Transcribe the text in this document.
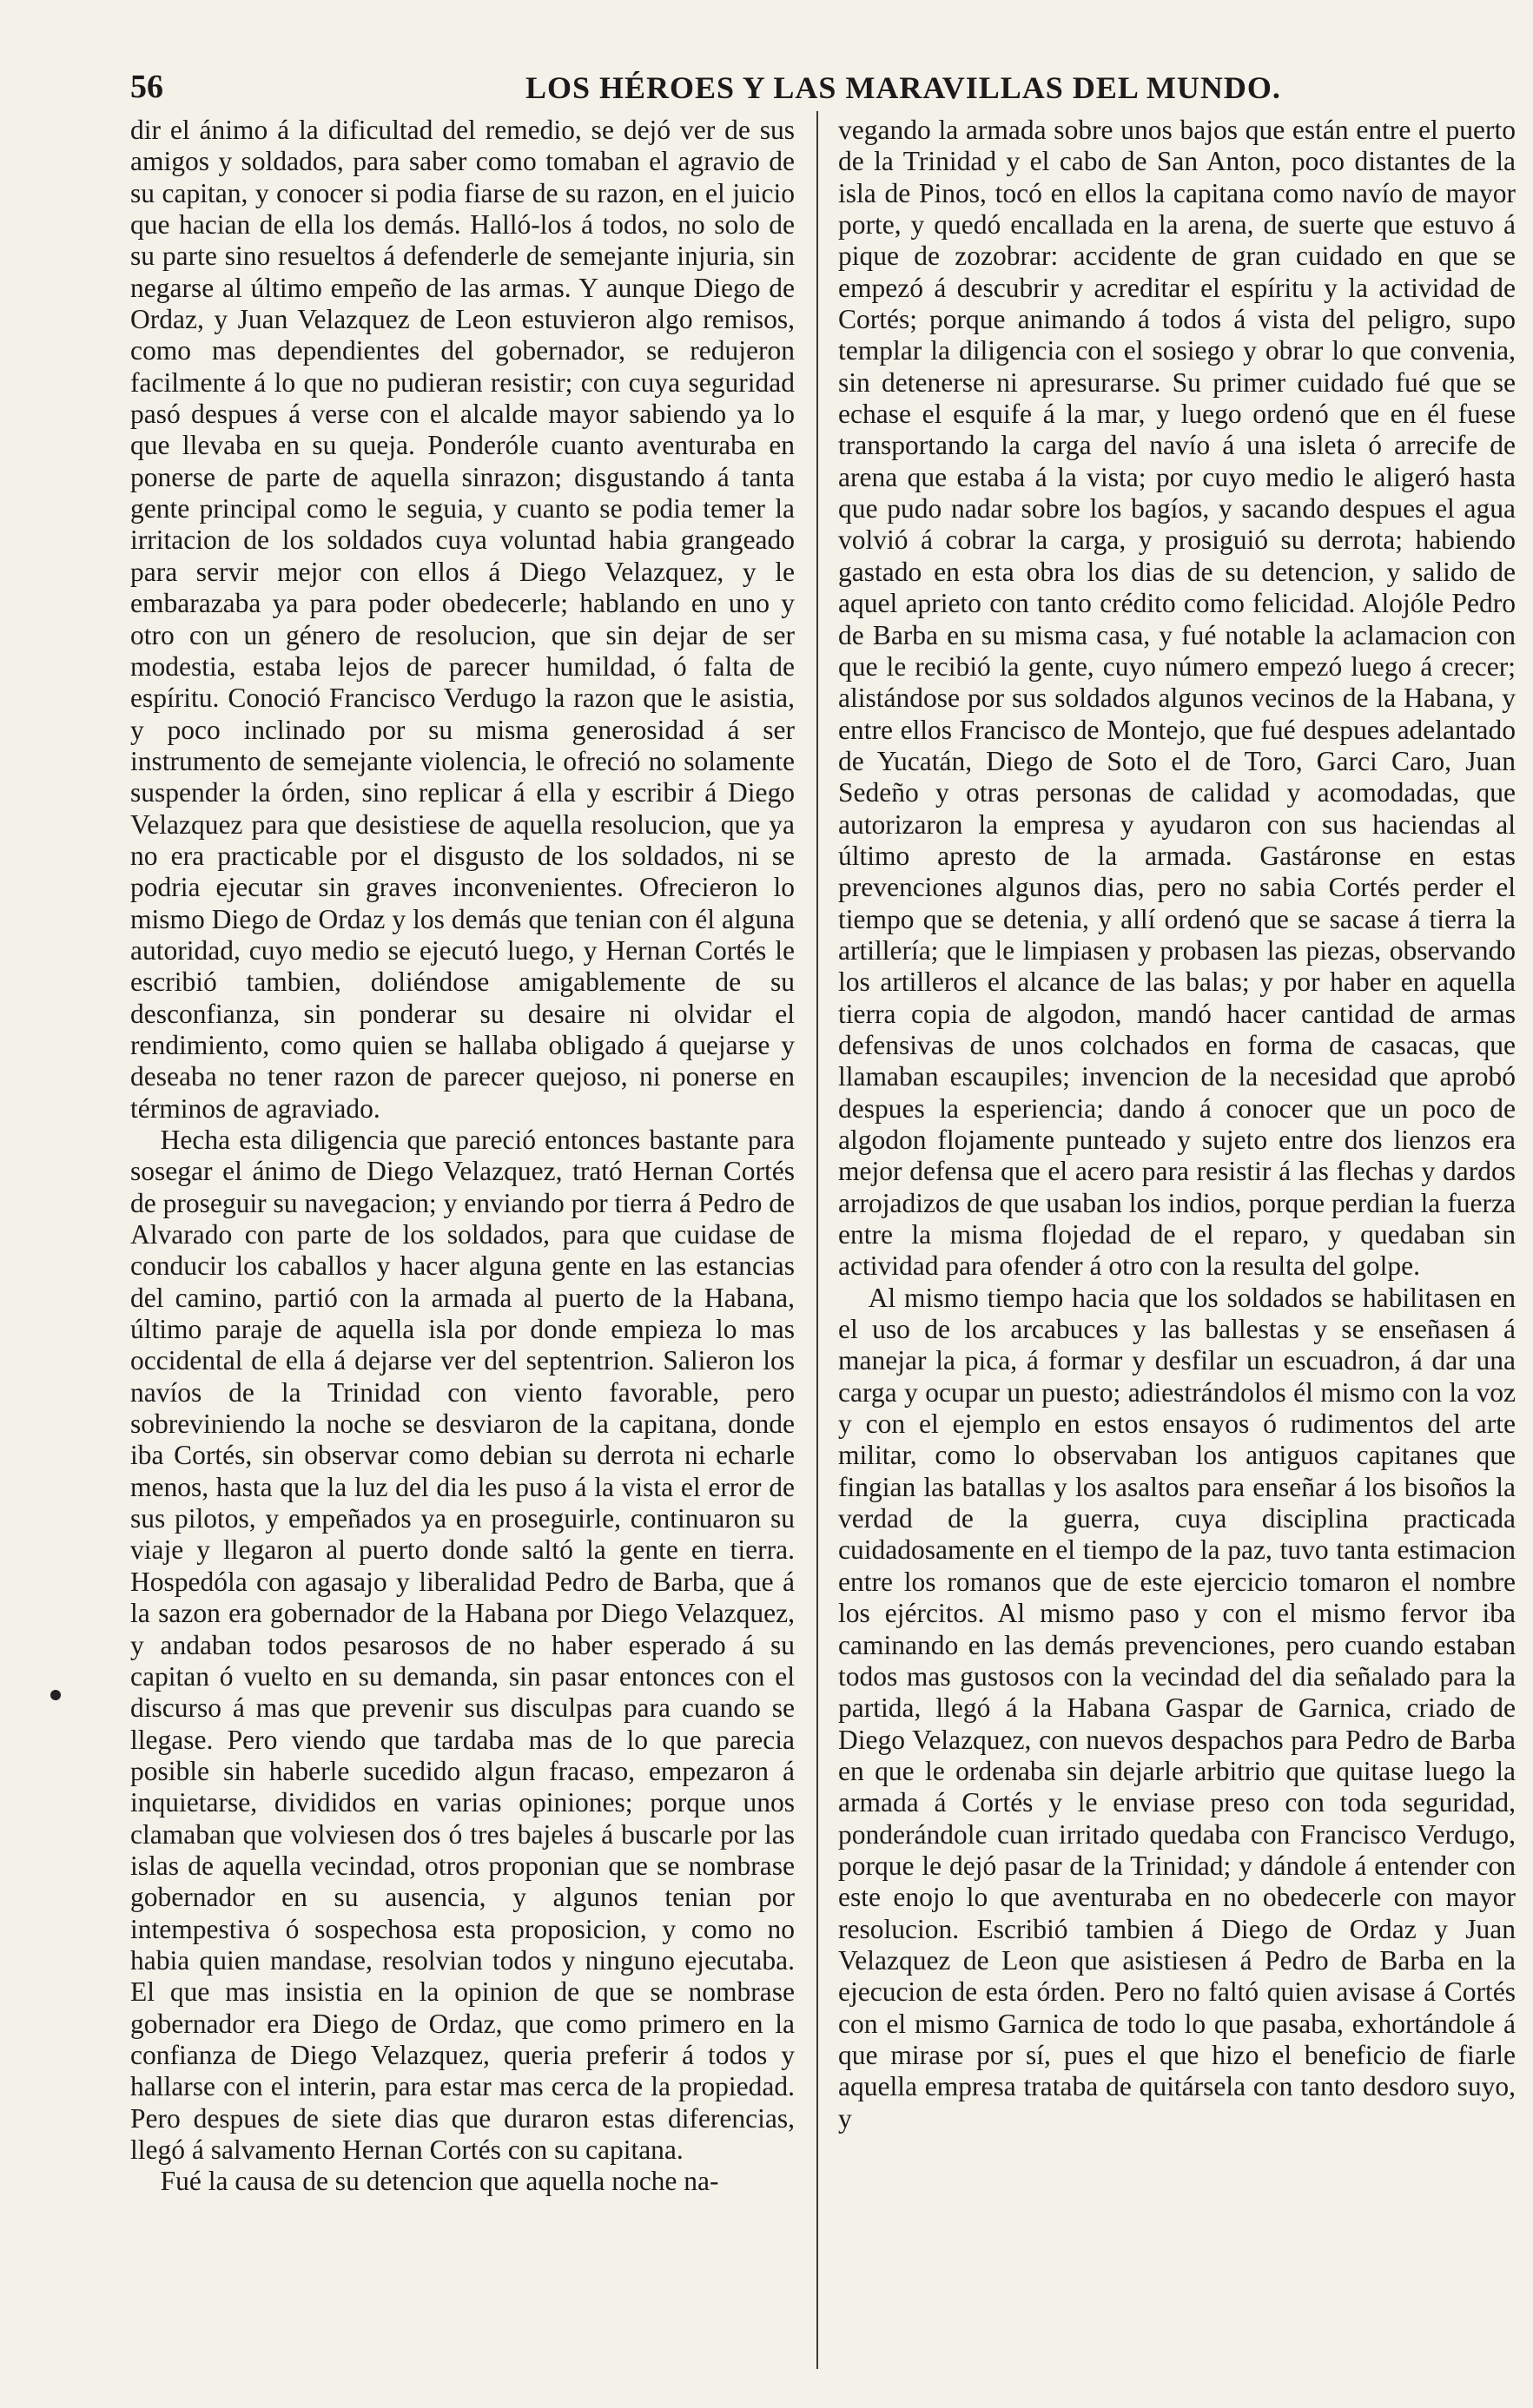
56	LOS HÉROES Y LAS MARAVILLAS DEL MUNDO.

dir el ánimo á la dificultad del remedio, se dejó ver de sus amigos y soldados, para saber como tomaban el agravio de su capitan, y conocer si podia fiarse de su razon, en el juicio que hacian de ella los demás. Halló-los á todos, no solo de su parte sino resueltos á defenderle de semejante injuria, sin negarse al último empeño de las armas. Y aunque Diego de Ordaz, y Juan Velazquez de Leon estuvieron algo remisos, como mas dependientes del gobernador, se redujeron facilmente á lo que no pudieran resistir; con cuya seguridad pasó despues á verse con el alcalde mayor sabiendo ya lo que llevaba en su queja. Ponderóle cuanto aventuraba en ponerse de parte de aquella sinrazon; disgustando á tanta gente principal como le seguia, y cuanto se podia temer la irritacion de los soldados cuya voluntad habia grangeado para servir mejor con ellos á Diego Velazquez, y le embarazaba ya para poder obedecerle; hablando en uno y otro con un género de resolucion, que sin dejar de ser modestia, estaba lejos de parecer humildad, ó falta de espíritu. Conoció Francisco Verdugo la razon que le asistia, y poco inclinado por su misma generosidad á ser instrumento de semejante violencia, le ofreció no solamente suspender la órden, sino replicar á ella y escribir á Diego Velazquez para que desistiese de aquella resolucion, que ya no era practicable por el disgusto de los soldados, ni se podria ejecutar sin graves inconvenientes. Ofrecieron lo mismo Diego de Ordaz y los demás que tenian con él alguna autoridad, cuyo medio se ejecutó luego, y Hernan Cortés le escribió tambien, doliéndose amigablemente de su desconfianza, sin ponderar su desaire ni olvidar el rendimiento, como quien se hallaba obligado á quejarse y deseaba no tener razon de parecer quejoso, ni ponerse en términos de agraviado.

Hecha esta diligencia que pareció entonces bastante para sosegar el ánimo de Diego Velazquez, trató Hernan Cortés de proseguir su navegacion; y enviando por tierra á Pedro de Alvarado con parte de los soldados, para que cuidase de conducir los caballos y hacer alguna gente en las estancias del camino, partió con la armada al puerto de la Habana, último paraje de aquella isla por donde empieza lo mas occidental de ella á dejarse ver del septentrion. Salieron los navíos de la Trinidad con viento favorable, pero sobreviniendo la noche se desviaron de la capitana, donde iba Cortés, sin observar como debian su derrota ni echarle menos, hasta que la luz del dia les puso á la vista el error de sus pilotos, y empeñados ya en proseguirle, continuaron su viaje y llegaron al puerto donde saltó la gente en tierra. Hospedóla con agasajo y liberalidad Pedro de Barba, que á la sazon era gobernador de la Habana por Diego Velazquez, y andaban todos pesarosos de no haber esperado á su capitan ó vuelto en su demanda, sin pasar entonces con el discurso á mas que prevenir sus disculpas para cuando se llegase. Pero viendo que tardaba mas de lo que parecia posible sin haberle sucedido algun fracaso, empezaron á inquietarse, divididos en varias opiniones; porque unos clamaban que volviesen dos ó tres bajeles á buscarle por las islas de aquella vecindad, otros proponian que se nombrase gobernador en su ausencia, y algunos tenian por intempestiva ó sospechosa esta proposicion, y como no habia quien mandase, resolvian todos y ninguno ejecutaba. El que mas insistia en la opinion de que se nombrase gobernador era Diego de Ordaz, que como primero en la confianza de Diego Velazquez, queria preferir á todos y hallarse con el interin, para estar mas cerca de la propiedad. Pero despues de siete dias que duraron estas diferencias, llegó á salvamento Hernan Cortés con su capitana.

Fué la causa de su detencion que aquella noche na-

vegando la armada sobre unos bajos que están entre el puerto de la Trinidad y el cabo de San Anton, poco distantes de la isla de Pinos, tocó en ellos la capitana como navío de mayor porte, y quedó encallada en la arena, de suerte que estuvo á pique de zozobrar: accidente de gran cuidado en que se empezó á descubrir y acreditar el espíritu y la actividad de Cortés; porque animando á todos á vista del peligro, supo templar la diligencia con el sosiego y obrar lo que convenia, sin detenerse ni apresurarse. Su primer cuidado fué que se echase el esquife á la mar, y luego ordenó que en él fuese transportando la carga del navío á una isleta ó arrecife de arena que estaba á la vista; por cuyo medio le aligeró hasta que pudo nadar sobre los bagíos, y sacando despues el agua volvió á cobrar la carga, y prosiguió su derrota; habiendo gastado en esta obra los dias de su detencion, y salido de aquel aprieto con tanto crédito como felicidad. Alojóle Pedro de Barba en su misma casa, y fué notable la aclamacion con que le recibió la gente, cuyo número empezó luego á crecer; alistándose por sus soldados algunos vecinos de la Habana, y entre ellos Francisco de Montejo, que fué despues adelantado de Yucatán, Diego de Soto el de Toro, Garci Caro, Juan Sedeño y otras personas de calidad y acomodadas, que autorizaron la empresa y ayudaron con sus haciendas al último apresto de la armada. Gastáronse en estas prevenciones algunos dias, pero no sabia Cortés perder el tiempo que se detenia, y allí ordenó que se sacase á tierra la artillería; que le limpiasen y probasen las piezas, observando los artilleros el alcance de las balas; y por haber en aquella tierra copia de algodon, mandó hacer cantidad de armas defensivas de unos colchados en forma de casacas, que llamaban escaupiles; invencion de la necesidad que aprobó despues la esperiencia; dando á conocer que un poco de algodon flojamente punteado y sujeto entre dos lienzos era mejor defensa que el acero para resistir á las flechas y dardos arrojadizos de que usaban los indios, porque perdian la fuerza entre la misma flojedad de el reparo, y quedaban sin actividad para ofender á otro con la resulta del golpe.

Al mismo tiempo hacia que los soldados se habilitasen en el uso de los arcabuces y las ballestas y se enseñasen á manejar la pica, á formar y desfilar un escuadron, á dar una carga y ocupar un puesto; adiestrándolos él mismo con la voz y con el ejemplo en estos ensayos ó rudimentos del arte militar, como lo observaban los antiguos capitanes que fingian las batallas y los asaltos para enseñar á los bisoños la verdad de la guerra, cuya disciplina practicada cuidadosamente en el tiempo de la paz, tuvo tanta estimacion entre los romanos que de este ejercicio tomaron el nombre los ejércitos. Al mismo paso y con el mismo fervor iba caminando en las demás prevenciones, pero cuando estaban todos mas gustosos con la vecindad del dia señalado para la partida, llegó á la Habana Gaspar de Garnica, criado de Diego Velazquez, con nuevos despachos para Pedro de Barba en que le ordenaba sin dejarle arbitrio que quitase luego la armada á Cortés y le enviase preso con toda seguridad, ponderándole cuan irritado quedaba con Francisco Verdugo, porque le dejó pasar de la Trinidad; y dándole á entender con este enojo lo que aventuraba en no obedecerle con mayor resolucion. Escribió tambien á Diego de Ordaz y Juan Velazquez de Leon que asistiesen á Pedro de Barba en la ejecucion de esta órden. Pero no faltó quien avisase á Cortés con el mismo Garnica de todo lo que pasaba, exhortándole á que mirase por sí, pues el que hizo el beneficio de fiarle aquella empresa trataba de quitársela con tanto desdoro suyo, y
